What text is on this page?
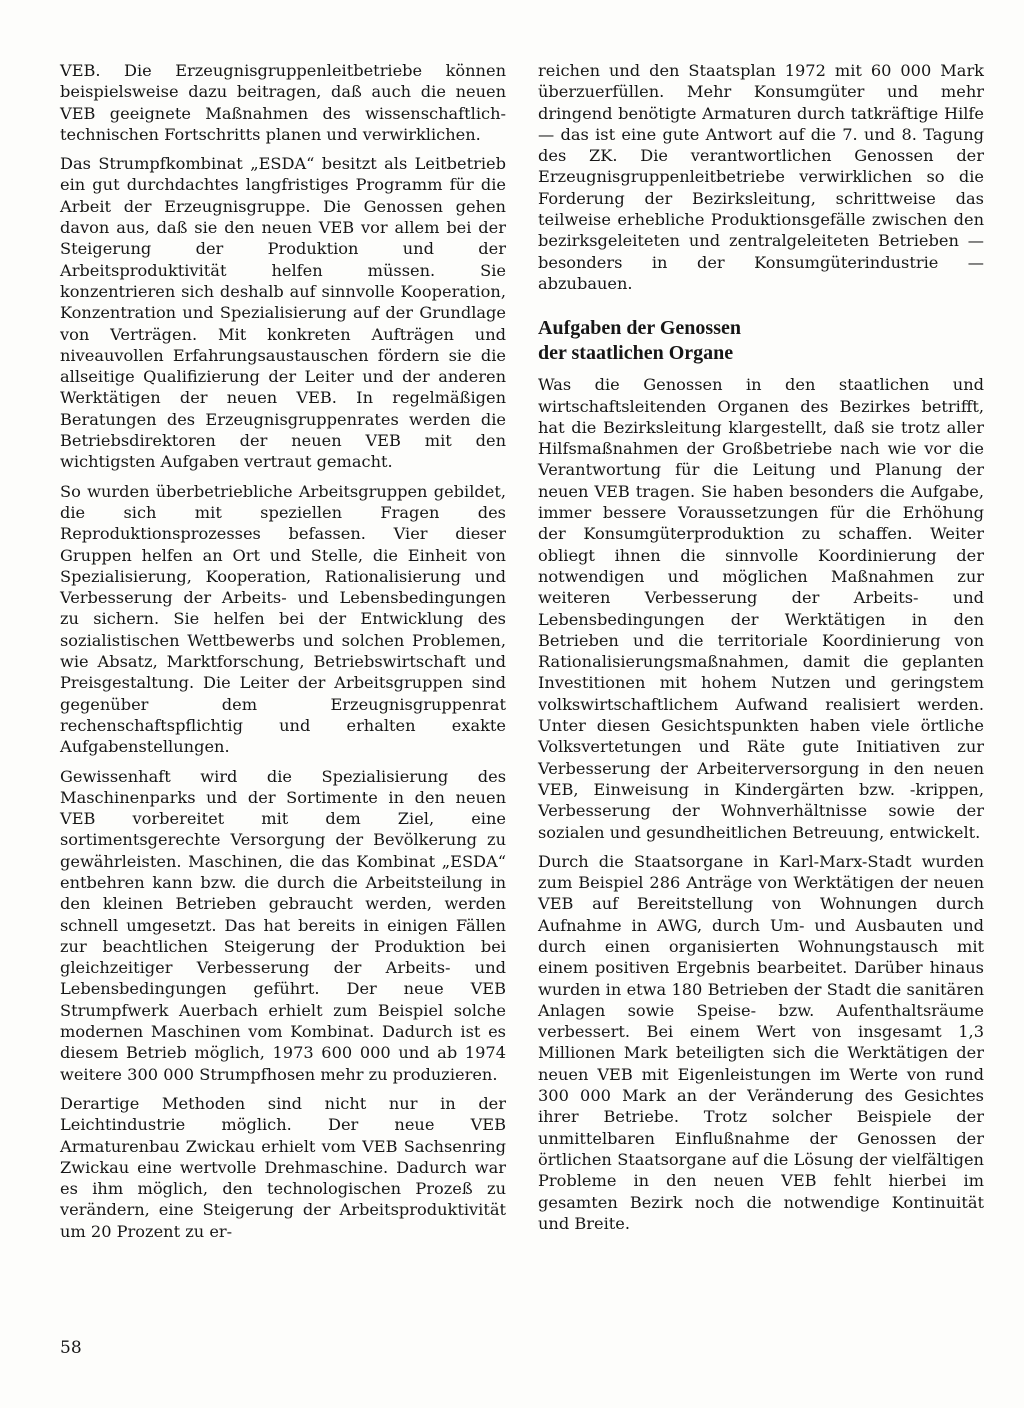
VEB. Die Erzeugnisgruppenleitbetriebe können beispielsweise dazu beitragen, daß auch die neuen VEB geeignete Maßnahmen des wissenschaftlich-technischen Fortschritts planen und verwirklichen.

Das Strumpfkombinat „ESDA“ besitzt als Leitbetrieb ein gut durchdachtes langfristiges Programm für die Arbeit der Erzeugnisgruppe. Die Genossen gehen davon aus, daß sie den neuen VEB vor allem bei der Steigerung der Produktion und der Arbeitsproduktivität helfen müssen. Sie konzentrieren sich deshalb auf sinnvolle Kooperation, Konzentration und Spezialisierung auf der Grundlage von Verträgen. Mit konkreten Aufträgen und niveauvollen Erfahrungsaustauschen fördern sie die allseitige Qualifizierung der Leiter und der anderen Werktätigen der neuen VEB. In regelmäßigen Beratungen des Erzeugnisgruppenrates werden die Betriebsdirektoren der neuen VEB mit den wichtigsten Aufgaben vertraut gemacht.

So wurden überbetriebliche Arbeitsgruppen gebildet, die sich mit speziellen Fragen des Reproduktionsprozesses befassen. Vier dieser Gruppen helfen an Ort und Stelle, die Einheit von Spezialisierung, Kooperation, Rationalisierung und Verbesserung der Arbeits- und Lebensbedingungen zu sichern. Sie helfen bei der Entwicklung des sozialistischen Wettbewerbs und solchen Problemen, wie Absatz, Marktforschung, Betriebswirtschaft und Preisgestaltung. Die Leiter der Arbeitsgruppen sind gegenüber dem Erzeugnisgruppenrat rechenschaftspflichtig und erhalten exakte Aufgabenstellungen.

Gewissenhaft wird die Spezialisierung des Maschinenparks und der Sortimente in den neuen VEB vorbereitet mit dem Ziel, eine sortimentsgerechte Versorgung der Bevölkerung zu gewährleisten. Maschinen, die das Kombinat „ESDA“ entbehren kann bzw. die durch die Arbeitsteilung in den kleinen Betrieben gebraucht werden, werden schnell umgesetzt. Das hat bereits in einigen Fällen zur beachtlichen Steigerung der Produktion bei gleichzeitiger Verbesserung der Arbeits- und Lebensbedingungen geführt. Der neue VEB Strumpfwerk Auerbach erhielt zum Beispiel solche modernen Maschinen vom Kombinat. Dadurch ist es diesem Betrieb möglich, 1973 600 000 und ab 1974 weitere 300 000 Strumpfhosen mehr zu produzieren.

Derartige Methoden sind nicht nur in der Leichtindustrie möglich. Der neue VEB Armaturenbau Zwickau erhielt vom VEB Sachsenring Zwickau eine wertvolle Drehmaschine. Dadurch war es ihm möglich, den technologischen Prozeß zu verändern, eine Steigerung der Arbeitsproduktivität um 20 Prozent zu er-

reichen und den Staatsplan 1972 mit 60 000 Mark überzuerfüllen. Mehr Konsumgüter und mehr dringend benötigte Armaturen durch tatkräftige Hilfe — das ist eine gute Antwort auf die 7. und 8. Tagung des ZK. Die verantwortlichen Genossen der Erzeugnisgruppenleitbetriebe verwirklichen so die Forderung der Bezirksleitung, schrittweise das teilweise erhebliche Produktionsgefälle zwischen den bezirksgeleiteten und zentralgeleiteten Betrieben — besonders in der Konsumgüterindustrie — abzubauen.

Aufgaben der Genossen
der staatlichen Organe

Was die Genossen in den staatlichen und wirtschaftsleitenden Organen des Bezirkes betrifft, hat die Bezirksleitung klargestellt, daß sie trotz aller Hilfsmaßnahmen der Großbetriebe nach wie vor die Verantwortung für die Leitung und Planung der neuen VEB tragen. Sie haben besonders die Aufgabe, immer bessere Voraussetzungen für die Erhöhung der Konsumgüterproduktion zu schaffen. Weiter obliegt ihnen die sinnvolle Koordinierung der notwendigen und möglichen Maßnahmen zur weiteren Verbesserung der Arbeits- und Lebensbedingungen der Werktätigen in den Betrieben und die territoriale Koordinierung von Rationalisierungsmaßnahmen, damit die geplanten Investitionen mit hohem Nutzen und geringstem volkswirtschaftlichem Aufwand realisiert werden. Unter diesen Gesichtspunkten haben viele örtliche Volksvertetungen und Räte gute Initiativen zur Verbesserung der Arbeiterversorgung in den neuen VEB, Einweisung in Kindergärten bzw. -krippen, Verbesserung der Wohnverhältnisse sowie der sozialen und gesundheitlichen Betreuung, entwickelt.

Durch die Staatsorgane in Karl-Marx-Stadt wurden zum Beispiel 286 Anträge von Werktätigen der neuen VEB auf Bereitstellung von Wohnungen durch Aufnahme in AWG, durch Um- und Ausbauten und durch einen organisierten Wohnungstausch mit einem positiven Ergebnis bearbeitet. Darüber hinaus wurden in etwa 180 Betrieben der Stadt die sanitären Anlagen sowie Speise- bzw. Aufenthaltsräume verbessert. Bei einem Wert von insgesamt 1,3 Millionen Mark beteiligten sich die Werktätigen der neuen VEB mit Eigenleistungen im Werte von rund 300 000 Mark an der Veränderung des Gesichtes ihrer Betriebe. Trotz solcher Beispiele der unmittelbaren Einflußnahme der Genossen der örtlichen Staatsorgane auf die Lösung der vielfältigen Probleme in den neuen VEB fehlt hierbei im gesamten Bezirk noch die notwendige Kontinuität und Breite.

58
